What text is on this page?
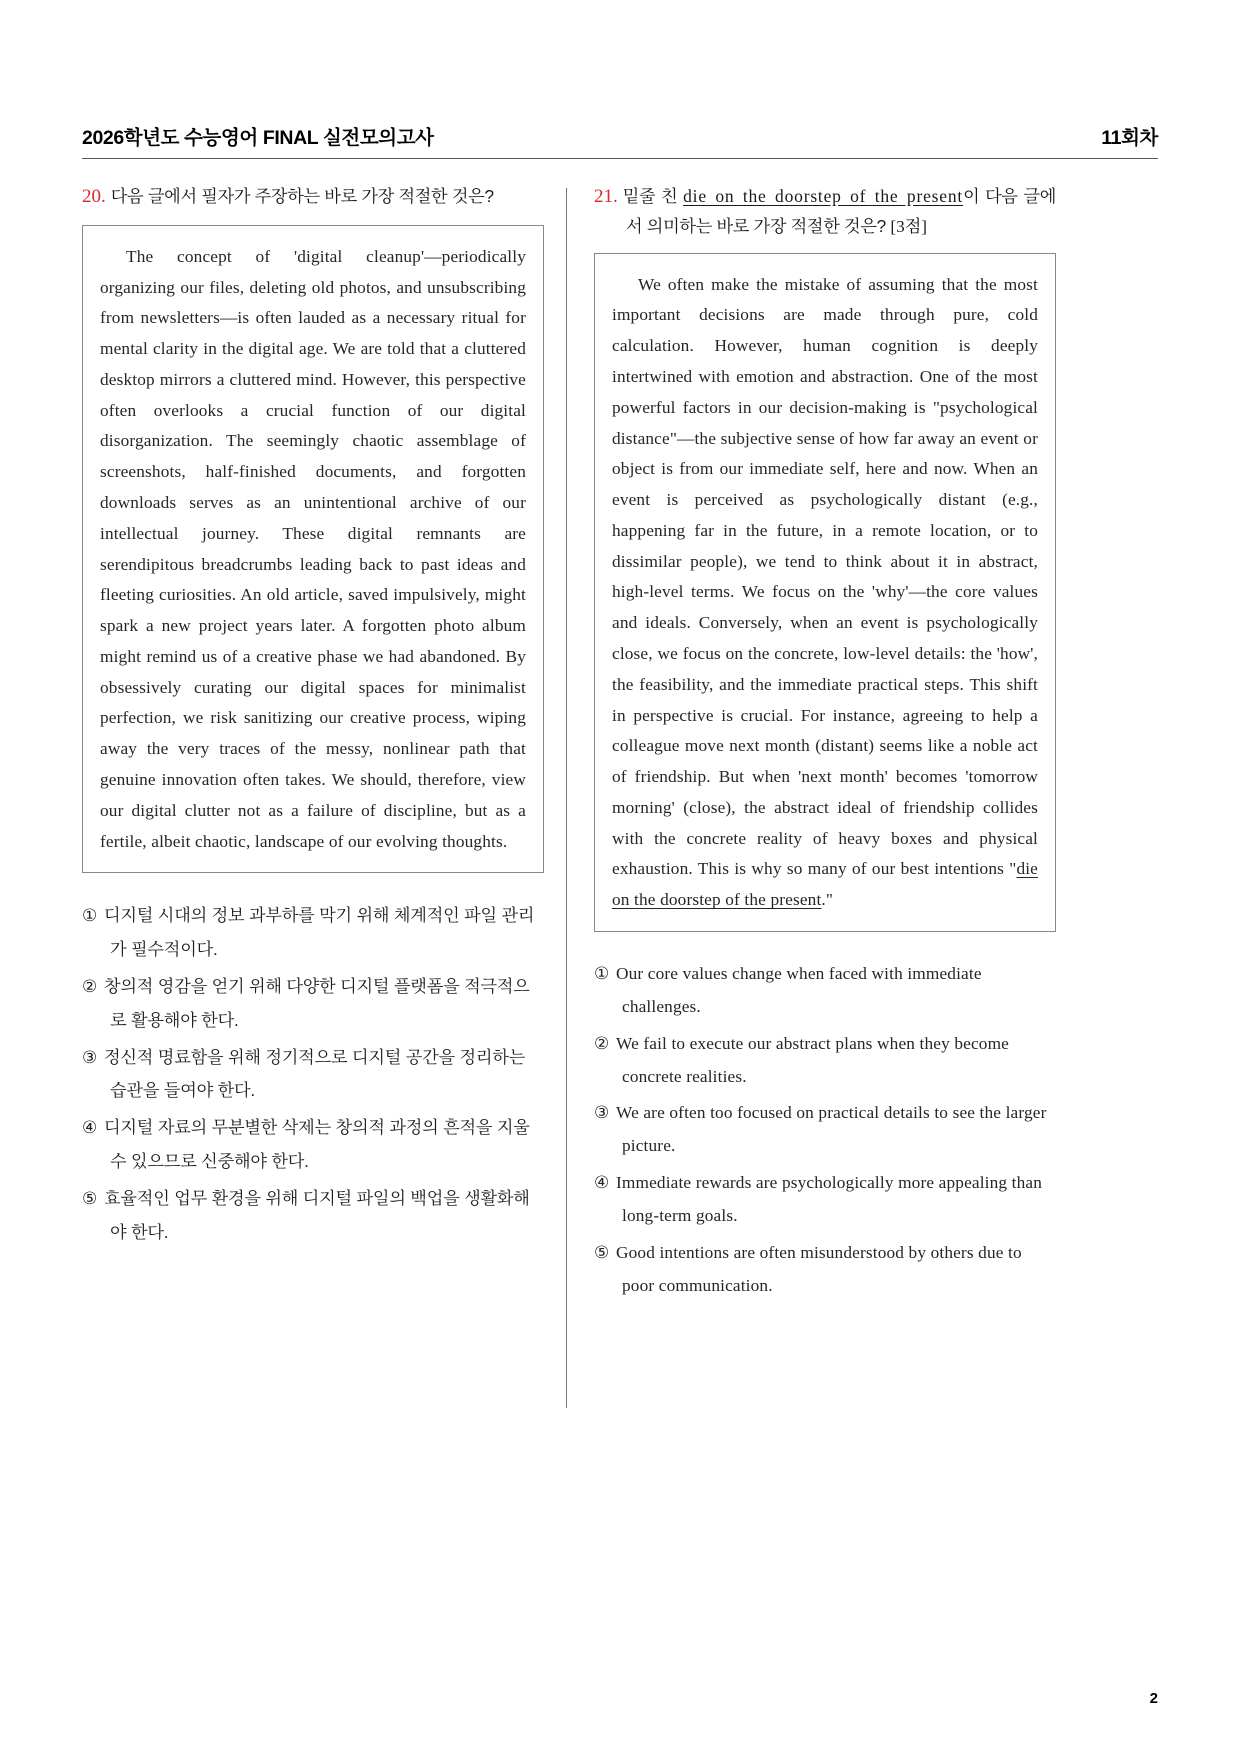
2026학년도 수능영어 FINAL 실전모의고사	11회차
20. 다음 글에서 필자가 주장하는 바로 가장 적절한 것은?

The concept of 'digital cleanup'—periodically organizing our files, deleting old photos, and unsubscribing from newsletters—is often lauded as a necessary ritual for mental clarity in the digital age. We are told that a cluttered desktop mirrors a cluttered mind. However, this perspective often overlooks a crucial function of our digital disorganization. The seemingly chaotic assemblage of screenshots, half-finished documents, and forgotten downloads serves as an unintentional archive of our intellectual journey. These digital remnants are serendipitous breadcrumbs leading back to past ideas and fleeting curiosities. An old article, saved impulsively, might spark a new project years later. A forgotten photo album might remind us of a creative phase we had abandoned. By obsessively curating our digital spaces for minimalist perfection, we risk sanitizing our creative process, wiping away the very traces of the messy, nonlinear path that genuine innovation often takes. We should, therefore, view our digital clutter not as a failure of discipline, but as a fertile, albeit chaotic, landscape of our evolving thoughts.

① 디지털 시대의 정보 과부하를 막기 위해 체계적인 파일 관리가 필수적이다.
② 창의적 영감을 얻기 위해 다양한 디지털 플랫폼을 적극적으로 활용해야 한다.
③ 정신적 명료함을 위해 정기적으로 디지털 공간을 정리하는 습관을 들여야 한다.
④ 디지털 자료의 무분별한 삭제는 창의적 과정의 흔적을 지울 수 있으므로 신중해야 한다.
⑤ 효율적인 업무 환경을 위해 디지털 파일의 백업을 생활화해야 한다.
21. 밑줄 친 die on the doorstep of the present이 다음 글에서 의미하는 바로 가장 적절한 것은? [3점]

We often make the mistake of assuming that the most important decisions are made through pure, cold calculation. However, human cognition is deeply intertwined with emotion and abstraction. One of the most powerful factors in our decision-making is "psychological distance"—the subjective sense of how far away an event or object is from our immediate self, here and now. When an event is perceived as psychologically distant (e.g., happening far in the future, in a remote location, or to dissimilar people), we tend to think about it in abstract, high-level terms. We focus on the 'why'—the core values and ideals. Conversely, when an event is psychologically close, we focus on the concrete, low-level details: the 'how', the feasibility, and the immediate practical steps. This shift in perspective is crucial. For instance, agreeing to help a colleague move next month (distant) seems like a noble act of friendship. But when 'next month' becomes 'tomorrow morning' (close), the abstract ideal of friendship collides with the concrete reality of heavy boxes and physical exhaustion. This is why so many of our best intentions "die on the doorstep of the present."

① Our core values change when faced with immediate challenges.
② We fail to execute our abstract plans when they become concrete realities.
③ We are often too focused on practical details to see the larger picture.
④ Immediate rewards are psychologically more appealing than long-term goals.
⑤ Good intentions are often misunderstood by others due to poor communication.
2
